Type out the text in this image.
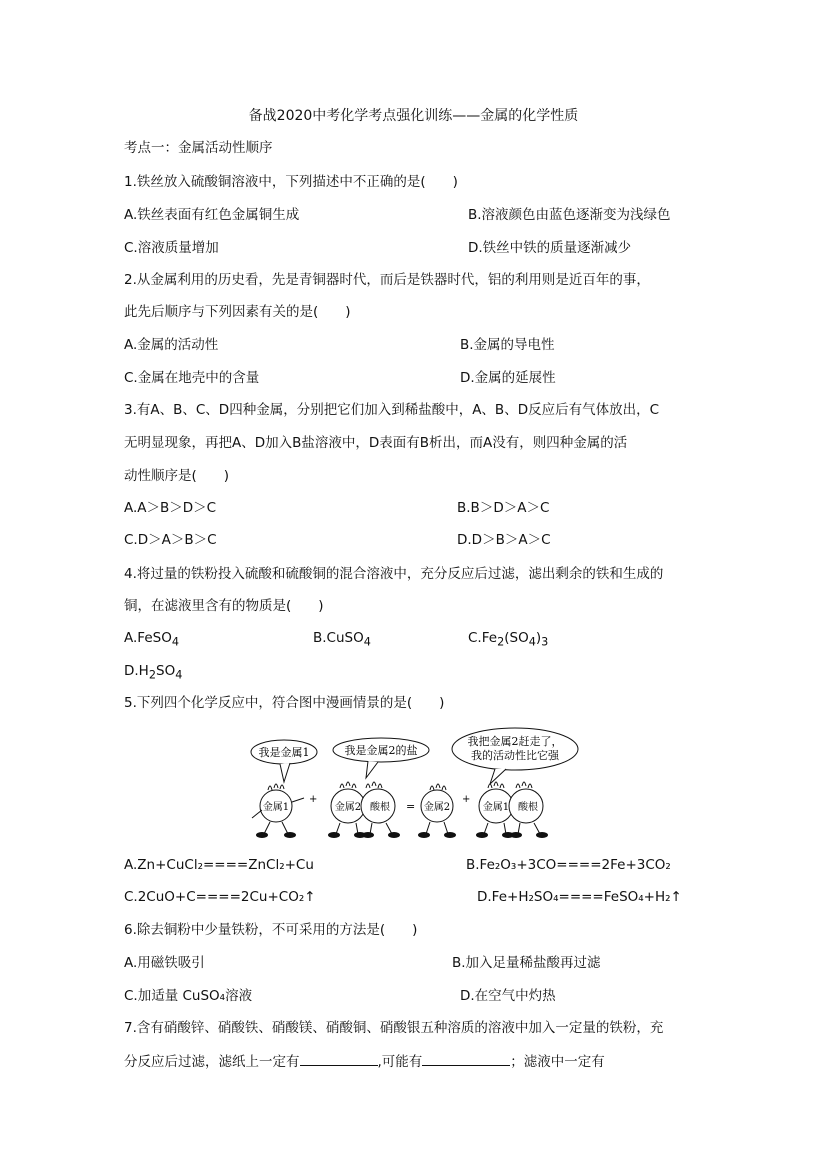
备战2020中考化学考点强化训练——金属的化学性质
考点一：金属活动性顺序
1.铁丝放入硫酸铜溶液中，下列描述中不正确的是(　　)
A.铁丝表面有红色金属铜生成	B.溶液颜色由蓝色逐渐变为浅绿色
C.溶液质量增加	D.铁丝中铁的质量逐渐减少
2.从金属利用的历史看，先是青铜器时代，而后是铁器时代，铝的利用则是近百年的事，
此先后顺序与下列因素有关的是(　　)
A.金属的活动性	B.金属的导电性
C.金属在地壳中的含量	D.金属的延展性
3.有A、B、C、D四种金属，分别把它们加入到稀盐酸中，A、B、D反应后有气体放出，C
无明显现象，再把A、D加入B盐溶液中，D表面有B析出，而A没有，则四种金属的活
动性顺序是(　　)
A.A＞B＞D＞C	B.B＞D＞A＞C
C.D＞A＞B＞C	D.D＞B＞A＞C
4.将过量的铁粉投入硫酸和硫酸铜的混合溶液中，充分反应后过滤，滤出剩余的铁和生成的
铜，在滤液里含有的物质是(　　)
A.FeSO$_4$	B.CuSO$_4$	$C.Fe_2(SO_4)_3$
$D.H_2SO_4$
5.下列四个化学反应中，符合图中漫画情景的是(　　)
我是金属1	我是金属2的盐
我把金属2赶走了，
我的活动性比它强
金属1
+
金属2 酸根 = 金属2
+
金属1 酸根
A.Zn+CuCl₂====ZnCl₂+Cu	B.Fe₂O₃+3CO====2Fe+3CO₂
C.2CuO+C====2Cu+CO₂↑	D.Fe+H₂SO₄====FeSO₄+H₂↑
6.除去铜粉中少量铁粉，不可采用的方法是(　　)
A.用磁铁吸引	B.加入足量稀盐酸再过滤
C.加适量 CuSO₄溶液	D.在空气中灼热
7.含有硝酸锌、硝酸铁、硝酸镁、硝酸铜、硝酸银五种溶质的溶液中加入一定量的铁粉，充
分反应后过滤，滤纸上一定有	,可能有	；滤液中一定有
